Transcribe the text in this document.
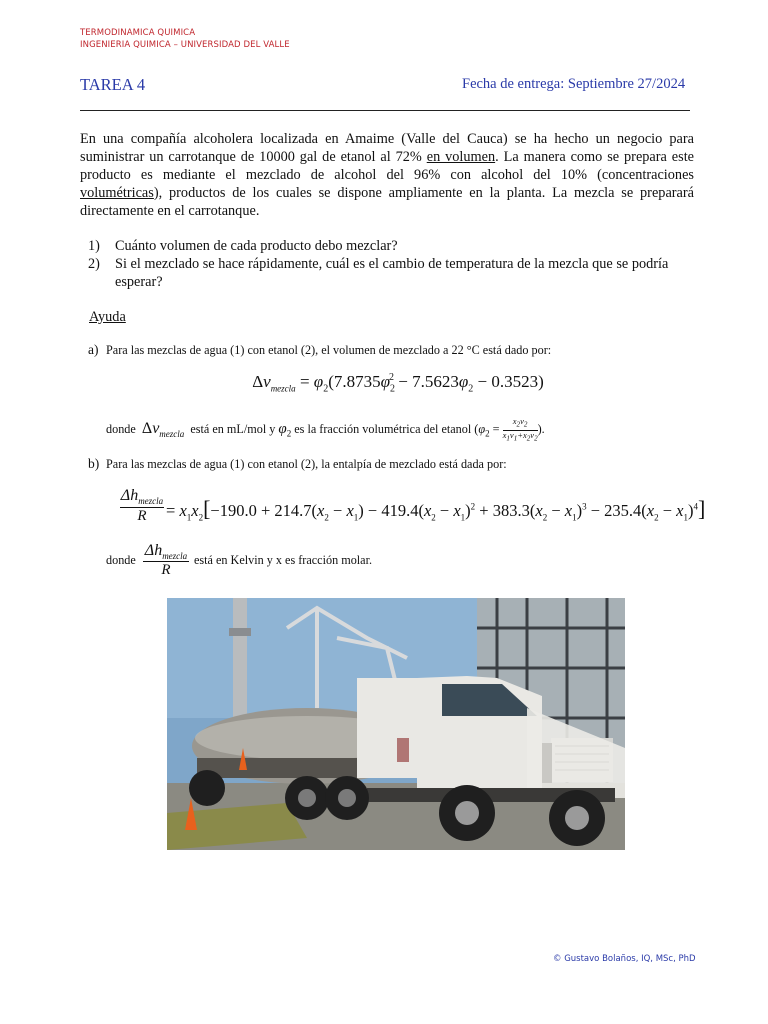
TERMODINAMICA QUIMICA
INGENIERIA QUIMICA – UNIVERSIDAD DEL VALLE
TAREA 4	Fecha de entrega: Septiembre 27/2024
En una compañía alcoholera localizada en Amaime (Valle del Cauca) se ha hecho un negocio para suministrar un carrotanque de 10000 gal de etanol al 72% en volumen. La manera como se prepara este producto es mediante el mezclado de alcohol del 96% con alcohol del 10% (concentraciones volumétricas), productos de los cuales se dispone ampliamente en la planta. La mezcla se preparará directamente en el carrotanque.
1) Cuánto volumen de cada producto debo mezclar?
2) Si el mezclado se hace rápidamente, cuál es el cambio de temperatura de la mezcla que se podría esperar?
Ayuda
a) Para las mezclas de agua (1) con etanol (2), el volumen de mezclado a 22 °C está dado por:
$\Delta v_{mezcla} = \varphi_2(7.8735\varphi_2^2 - 7.5623\varphi_2 - 0.3523)$
donde $\Delta v_{mezcla}$ está en mL/mol y $\varphi_2$ es la fracción volumétrica del etanol ($\varphi_2 = \frac{x_2v_2}{x_1v_1+x_2v_2}$ ).
b) Para las mezclas de agua (1) con etanol (2), la entalpía de mezclado está dada por:
$\Delta h_{mezcla}$
R	= $x_1x_2[-190.0 + 214.7(x_2 - x_1) - 419.4(x_2 - x_1)^2 + 383.3(x_2 - x_1)^3 - 235.4(x_2 - x_1)^4]$
donde
$\Delta h_{mezcla}$
R
está en Kelvin y x es fracción molar.
© Gustavo Bolaños, IQ, MSc, PhD
